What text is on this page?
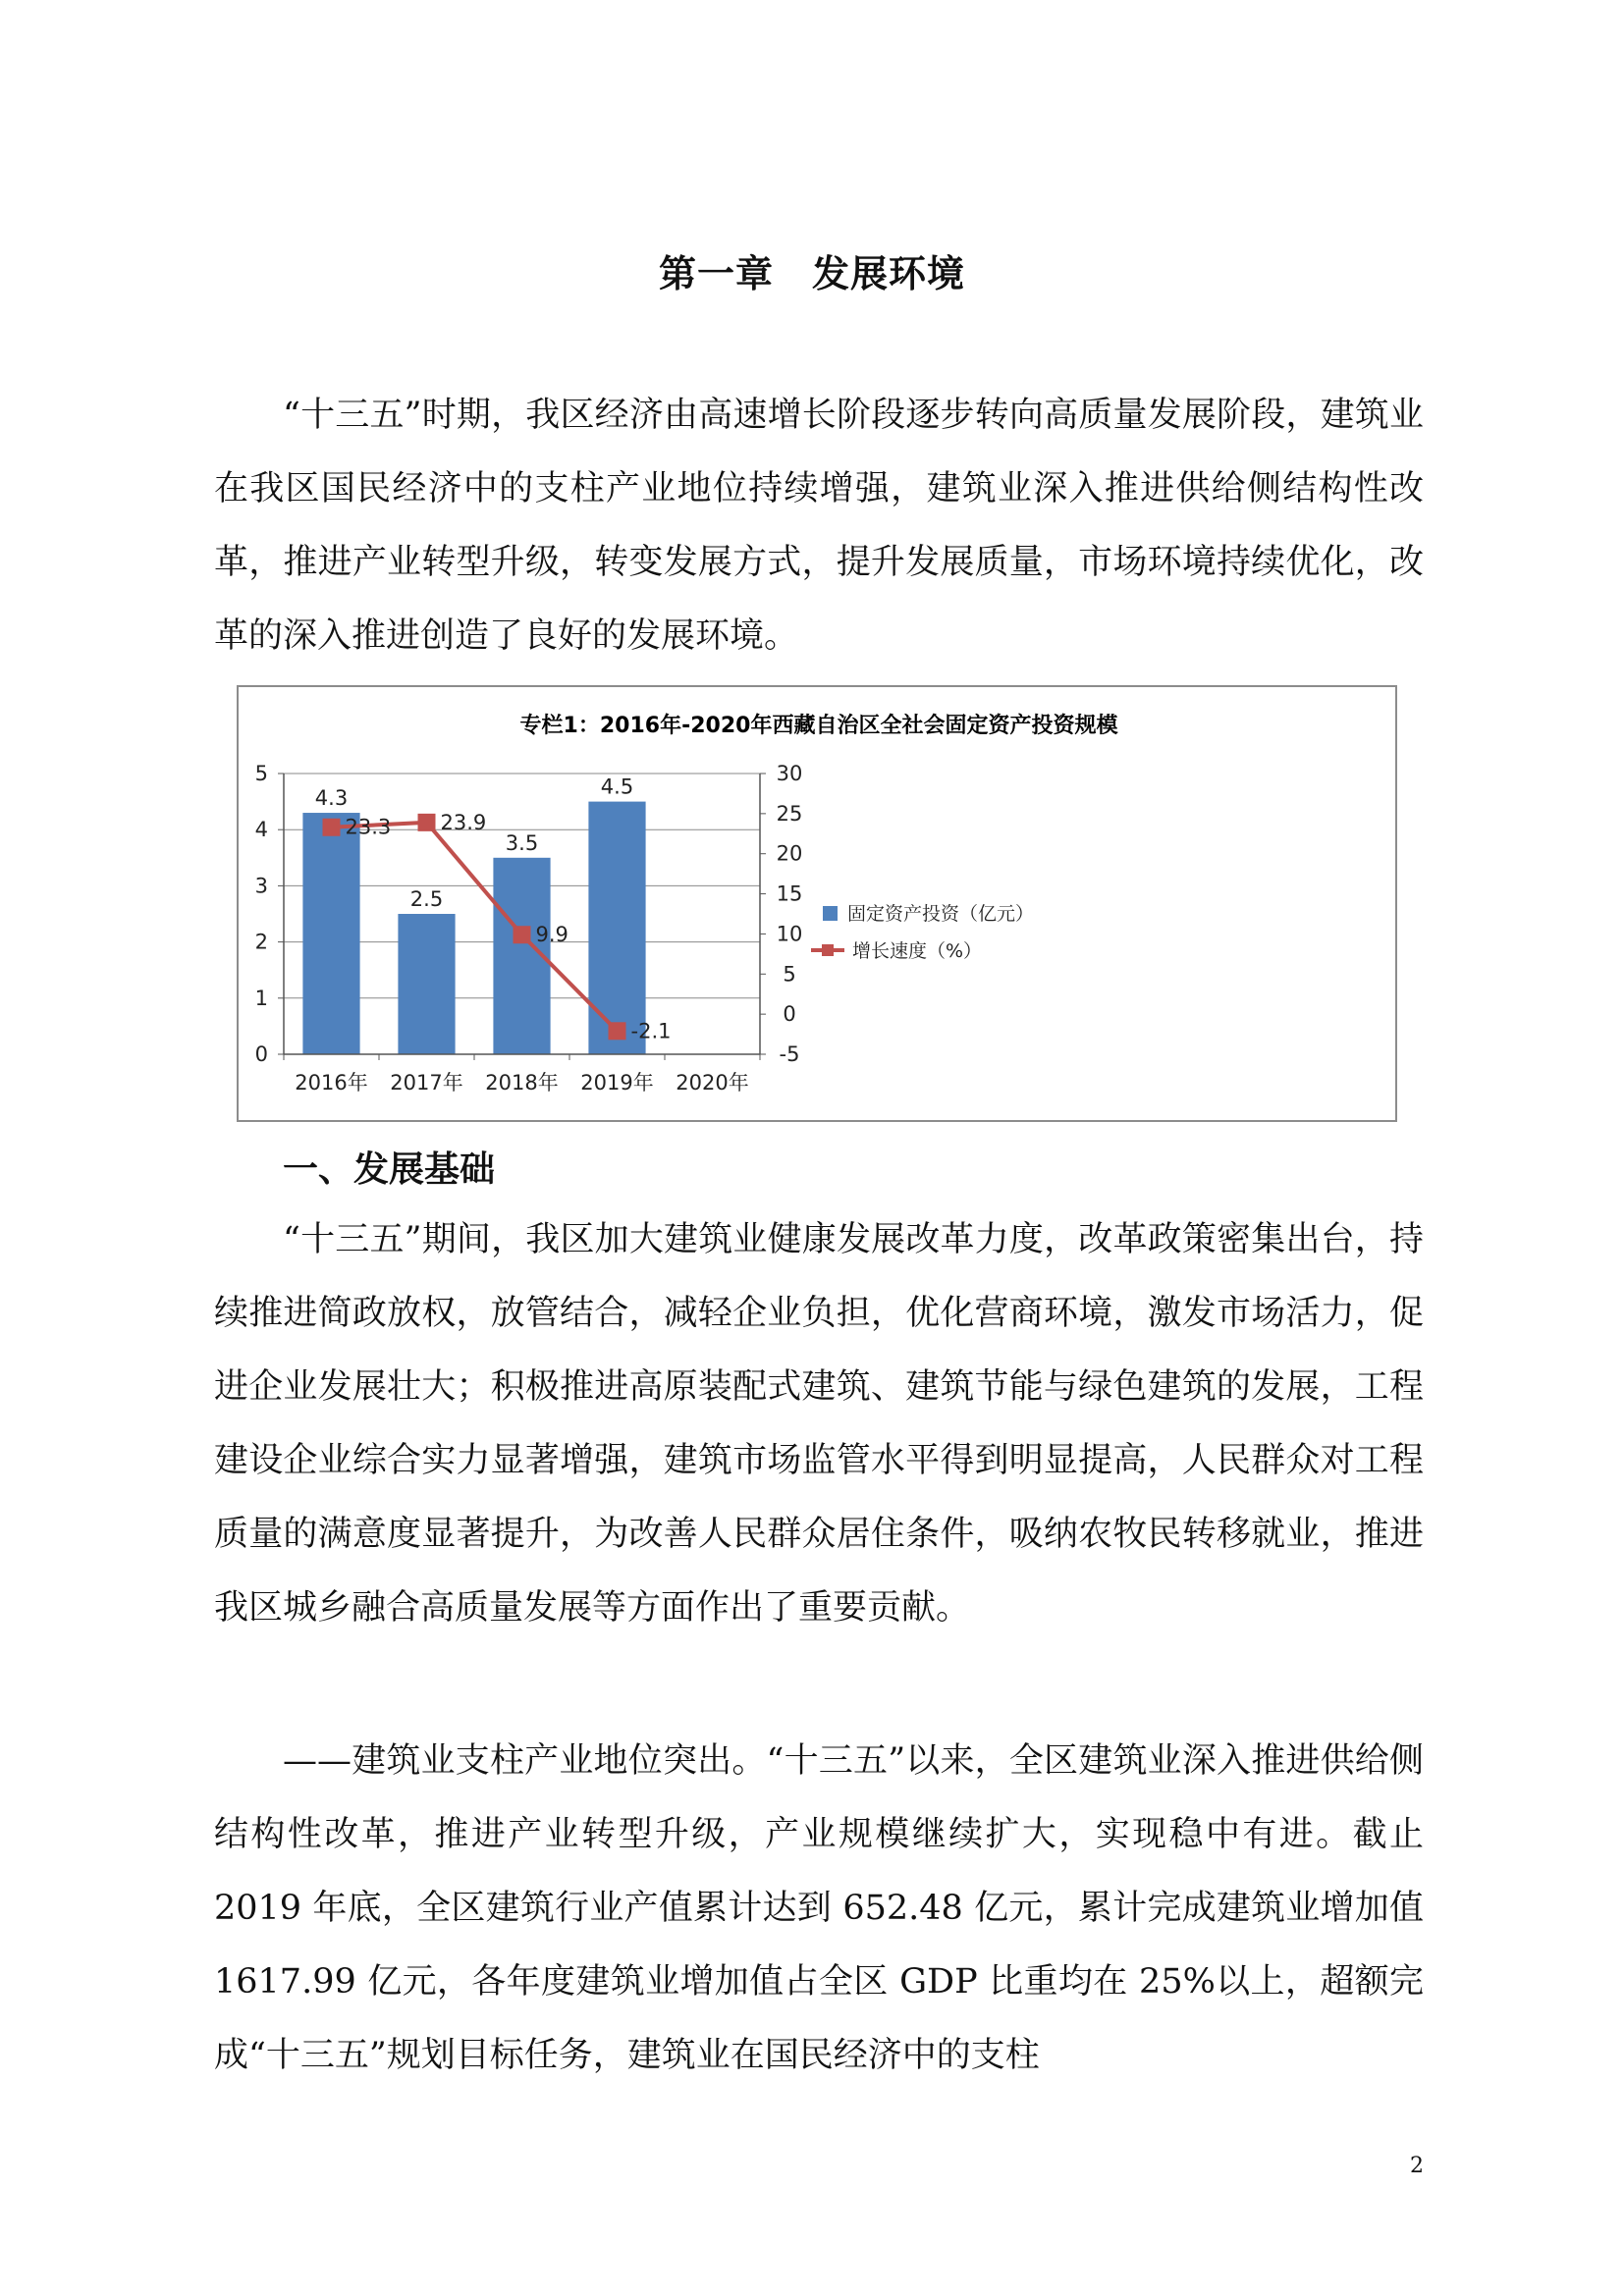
第一章　发展环境

“十三五”时期，我区经济由高速增长阶段逐步转向高质量发展阶段，建筑业在我区国民经济中的支柱产业地位持续增强，建筑业深入推进供给侧结构性改革，推进产业转型升级，转变发展方式，提升发展质量，市场环境持续优化，改革的深入推进创造了良好的发展环境。

专栏1：2016年-2020年西藏自治区全社会固定资产投资规模
0
1
2
3
4
5
-5
0
5
10
15
20
25
30
2016年 2017年 2018年 2019年 2020年
4.3
2.5
3.5
4.5
23.3 23.9
9.9
-2.1
固定资产投资（亿元）
增长速度（%）
一、发展基础

“十三五”期间，我区加大建筑业健康发展改革力度，改革政策密集出台，持续推进简政放权，放管结合，减轻企业负担，优化营商环境，激发市场活力，促进企业发展壮大；积极推进高原装配式建筑、建筑节能与绿色建筑的发展，工程建设企业综合实力显著增强，建筑市场监管水平得到明显提高，人民群众对工程质量的满意度显著提升，为改善人民群众居住条件，吸纳农牧民转移就业，推进我区城乡融合高质量发展等方面作出了重要贡献。

——建筑业支柱产业地位突出。“十三五”以来，全区建筑业深入推进供给侧结构性改革，推进产业转型升级，产业规模继续扩大，实现稳中有进。截止 2019 年底，全区建筑行业产值累计达到 652.48 亿元，累计完成建筑业增加值 1617.99 亿元，各年度建筑业增加值占全区 GDP 比重均在 25%以上，超额完成“十三五”规划目标任务，建筑业在国民经济中的支柱

2
